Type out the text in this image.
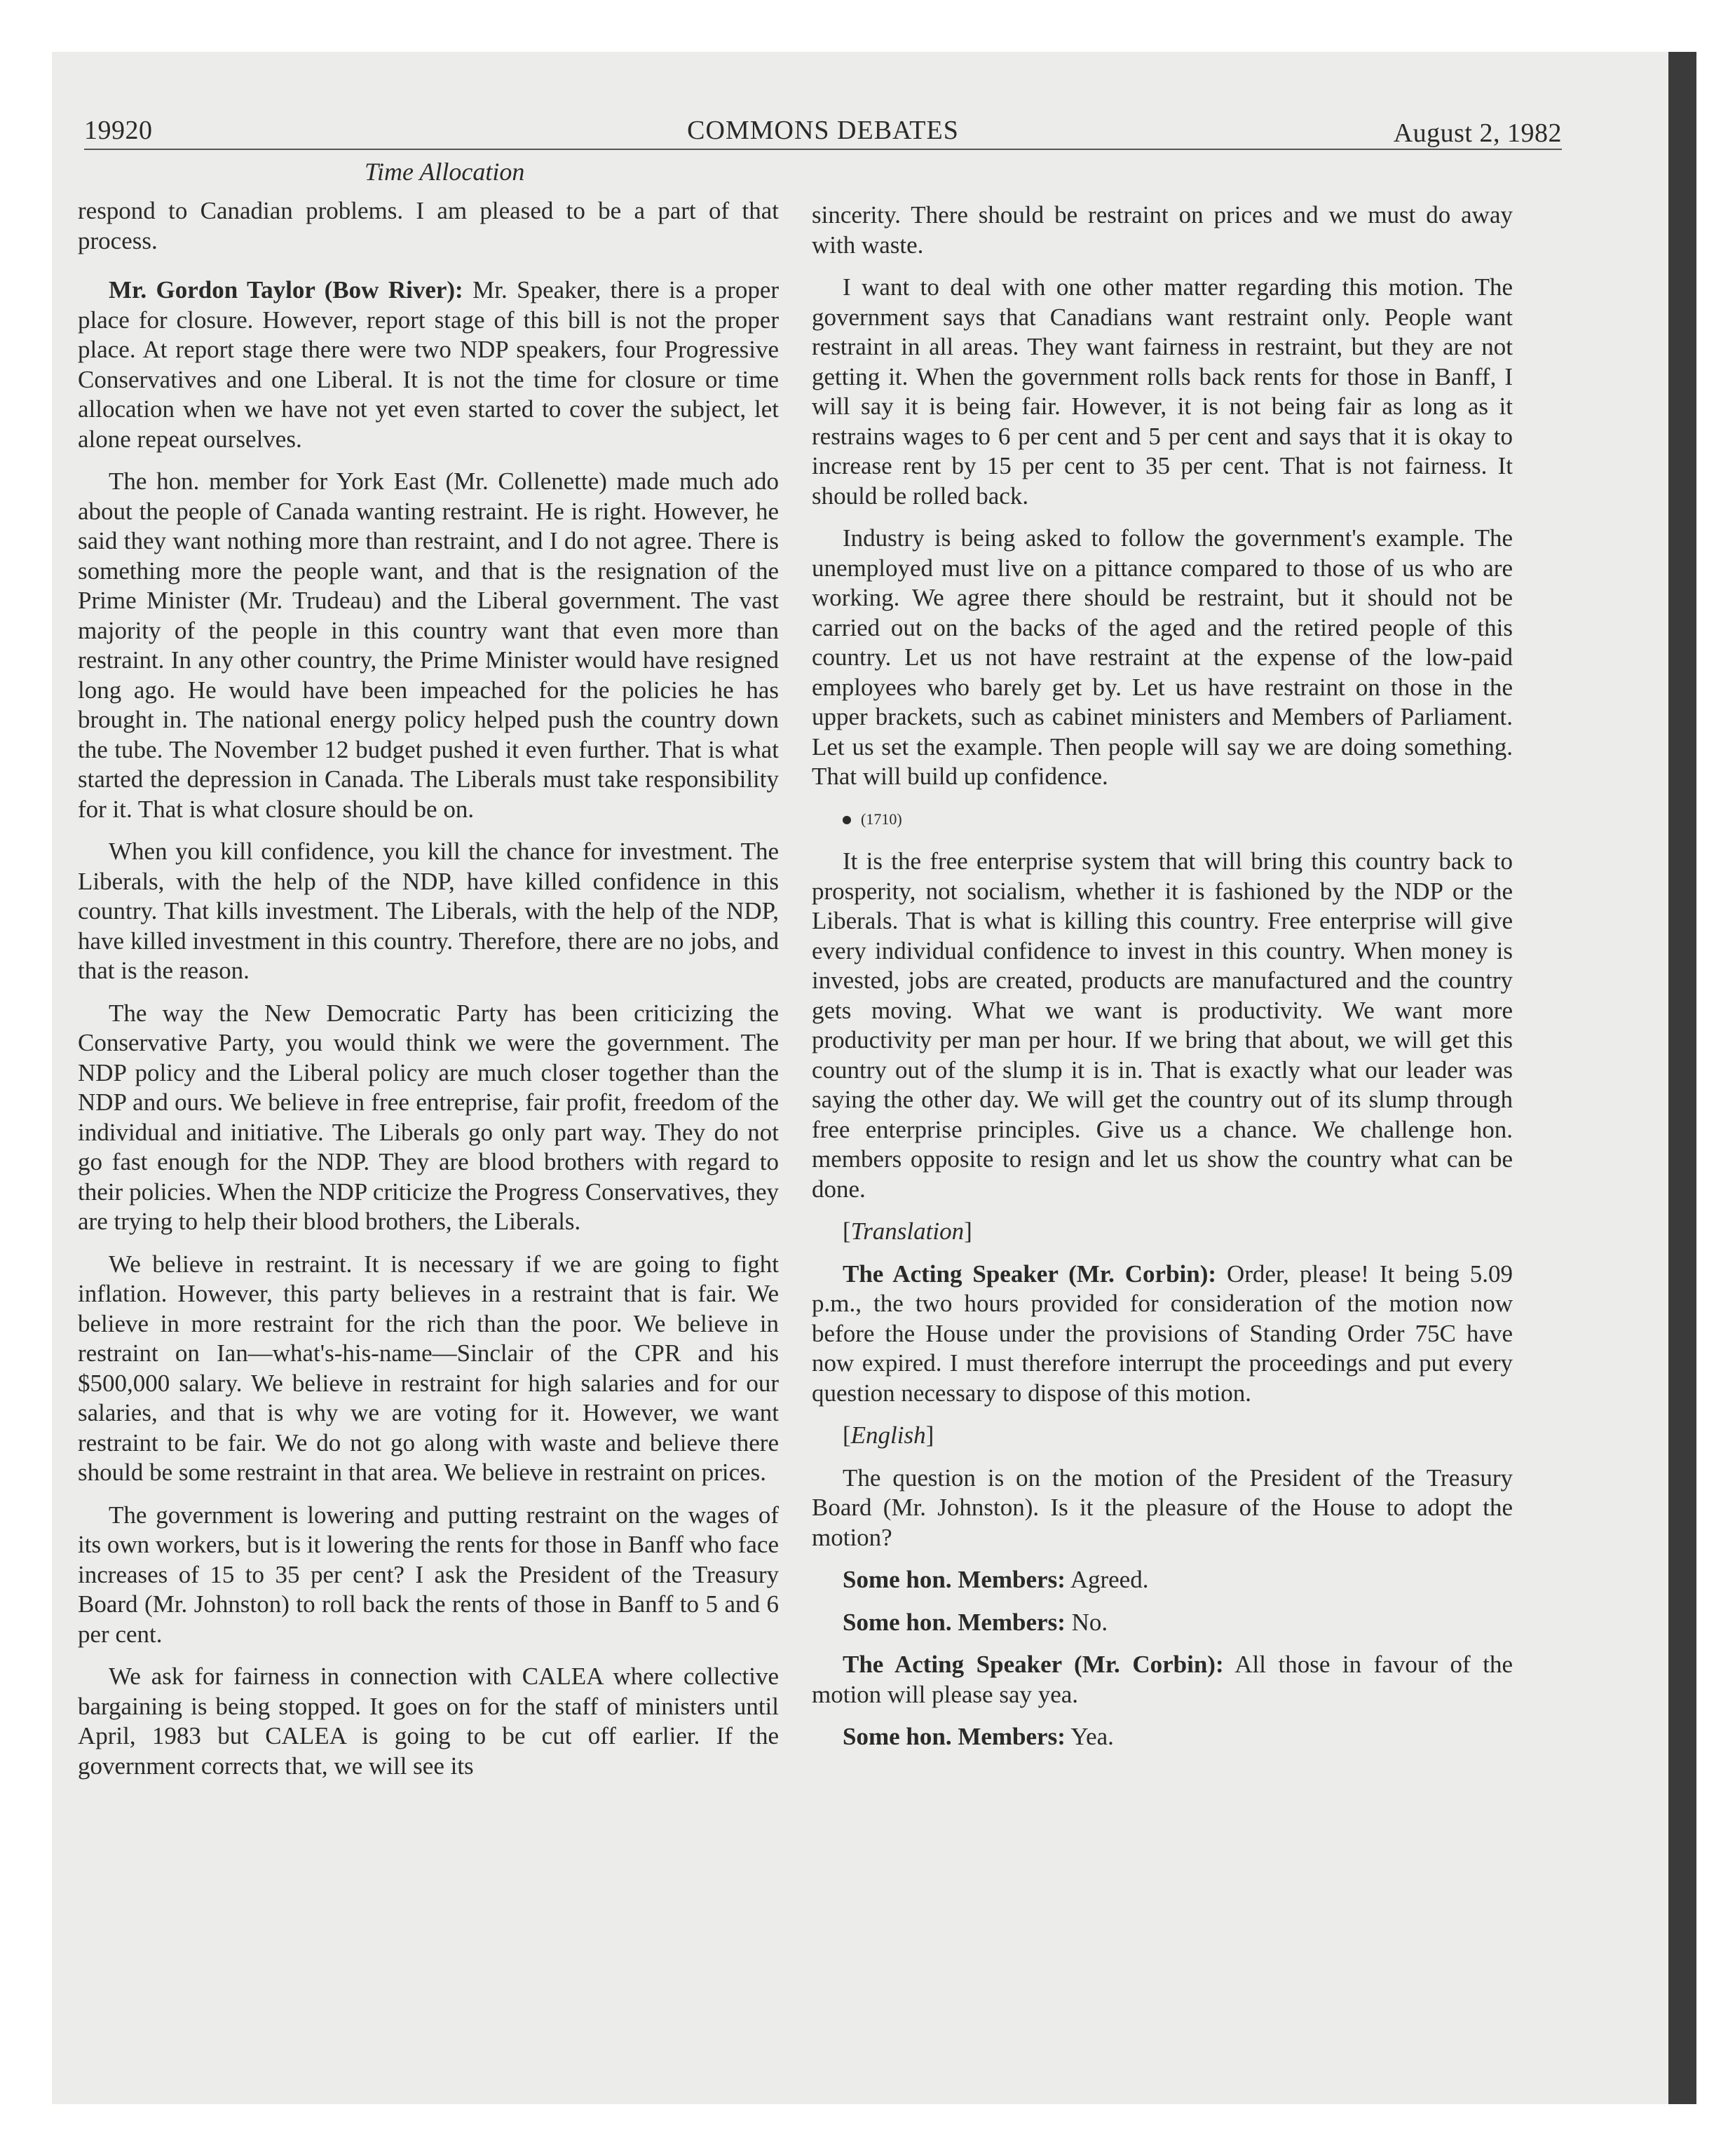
19920	COMMONS DEBATES	August 2, 1982
Time Allocation

respond to Canadian problems. I am pleased to be a part of that process.

Mr. Gordon Taylor (Bow River): Mr. Speaker, there is a proper place for closure. However, report stage of this bill is not the proper place. At report stage there were two NDP speakers, four Progressive Conservatives and one Liberal. It is not the time for closure or time allocation when we have not yet even started to cover the subject, let alone repeat ourselves.

The hon. member for York East (Mr. Collenette) made much ado about the people of Canada wanting restraint. He is right. However, he said they want nothing more than restraint, and I do not agree. There is something more the people want, and that is the resignation of the Prime Minister (Mr. Trudeau) and the Liberal government. The vast majority of the people in this country want that even more than restraint. In any other country, the Prime Minister would have resigned long ago. He would have been impeached for the policies he has brought in. The national energy policy helped push the country down the tube. The November 12 budget pushed it even further. That is what started the depression in Canada. The Liberals must take responsibility for it. That is what closure should be on.

When you kill confidence, you kill the chance for investment. The Liberals, with the help of the NDP, have killed confidence in this country. That kills investment. The Liberals, with the help of the NDP, have killed investment in this country. Therefore, there are no jobs, and that is the reason.

The way the New Democratic Party has been criticizing the Conservative Party, you would think we were the government. The NDP policy and the Liberal policy are much closer together than the NDP and ours. We believe in free entreprise, fair profit, freedom of the individual and initiative. The Liberals go only part way. They do not go fast enough for the NDP. They are blood brothers with regard to their policies. When the NDP criticize the Progress Conservatives, they are trying to help their blood brothers, the Liberals.

We believe in restraint. It is necessary if we are going to fight inflation. However, this party believes in a restraint that is fair. We believe in more restraint for the rich than the poor. We believe in restraint on Ian—what's-his-name—Sinclair of the CPR and his $500,000 salary. We believe in restraint for high salaries and for our salaries, and that is why we are voting for it. However, we want restraint to be fair. We do not go along with waste and believe there should be some restraint in that area. We believe in restraint on prices.

The government is lowering and putting restraint on the wages of its own workers, but is it lowering the rents for those in Banff who face increases of 15 to 35 per cent? I ask the President of the Treasury Board (Mr. Johnston) to roll back the rents of those in Banff to 5 and 6 per cent.

We ask for fairness in connection with CALEA where collective bargaining is being stopped. It goes on for the staff of ministers until April, 1983 but CALEA is going to be cut off earlier. If the government corrects that, we will see its

sincerity. There should be restraint on prices and we must do away with waste.

I want to deal with one other matter regarding this motion. The government says that Canadians want restraint only. People want restraint in all areas. They want fairness in restraint, but they are not getting it. When the government rolls back rents for those in Banff, I will say it is being fair. However, it is not being fair as long as it restrains wages to 6 per cent and 5 per cent and says that it is okay to increase rent by 15 per cent to 35 per cent. That is not fairness. It should be rolled back.

Industry is being asked to follow the government's example. The unemployed must live on a pittance compared to those of us who are working. We agree there should be restraint, but it should not be carried out on the backs of the aged and the retired people of this country. Let us not have restraint at the expense of the low-paid employees who barely get by. Let us have restraint on those in the upper brackets, such as cabinet ministers and Members of Parliament. Let us set the example. Then people will say we are doing something. That will build up confidence.

(1710)

It is the free enterprise system that will bring this country back to prosperity, not socialism, whether it is fashioned by the NDP or the Liberals. That is what is killing this country. Free enterprise will give every individual confidence to invest in this country. When money is invested, jobs are created, products are manufactured and the country gets moving. What we want is productivity. We want more productivity per man per hour. If we bring that about, we will get this country out of the slump it is in. That is exactly what our leader was saying the other day. We will get the country out of its slump through free enterprise principles. Give us a chance. We challenge hon. members opposite to resign and let us show the country what can be done.

[Translation]

The Acting Speaker (Mr. Corbin): Order, please! It being 5.09 p.m., the two hours provided for consideration of the motion now before the House under the provisions of Standing Order 75C have now expired. I must therefore interrupt the proceedings and put every question necessary to dispose of this motion.

[English]

The question is on the motion of the President of the Treasury Board (Mr. Johnston). Is it the pleasure of the House to adopt the motion?

Some hon. Members: Agreed.

Some hon. Members: No.

The Acting Speaker (Mr. Corbin): All those in favour of the motion will please say yea.

Some hon. Members: Yea.
